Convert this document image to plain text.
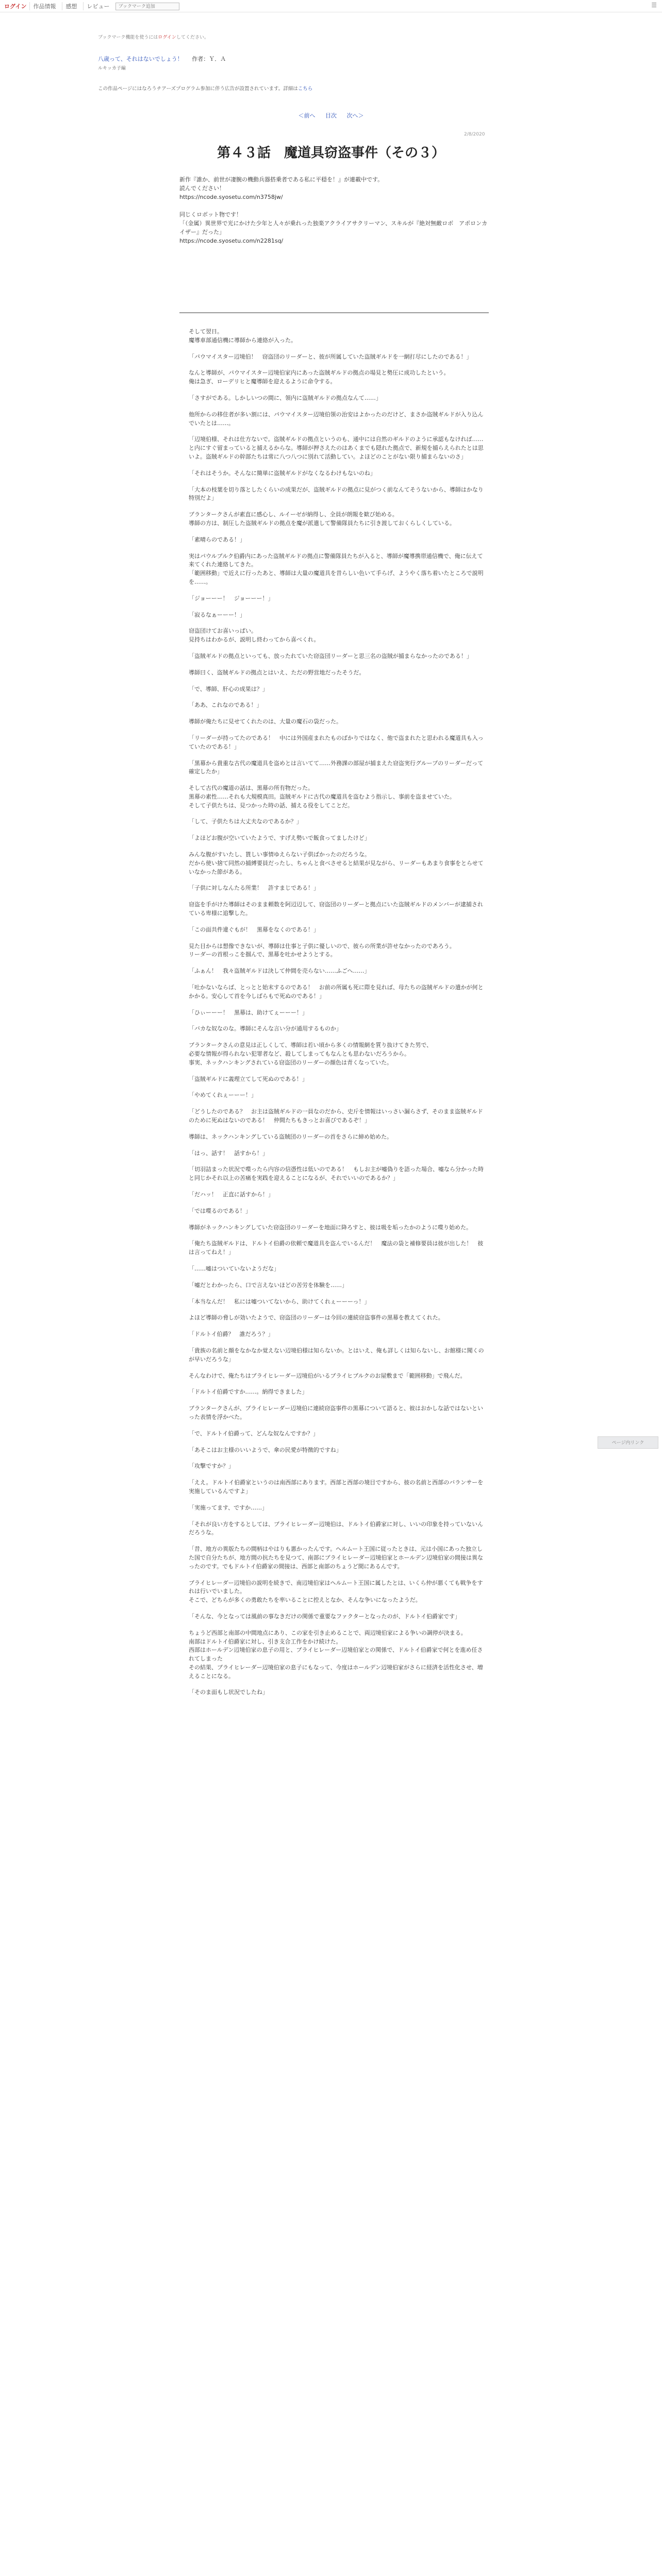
ログイン	作品情報	感想	レビュー
ブックマーク追加	☰
ブックマーク機能を使うにはログインしてください。
八歳って、それはないでしょう！ 作者：Ｙ．Ａ
ルキッカ子編
この作品ページにはなろうチアーズプログラム参加に伴う広告が設置されています。詳細はこちら
＜前へ 目次 次へ＞
2/8/2020
第４３話　魔道具窃盗事件（その３）
新作『誰か、前世が凄腕の機動兵器搭乗者である私に平穏を！』が連載中です。
読んでください！
https://ncode.syosetu.com/n3758jw/

同じくロボット物です！
「（金属）異世界で光にかけた少年と人々が乗れった独楽アクライアサクリーマン、スキルが『絶対無敵ロボ　アポロンカイザー』だった」
https://ncode.syosetu.com/n2281sq/

そして翌日。
魔導車部通信機に導師から連絡が入った。

「パウマイスター辺境伯！　窃盗団のリーダーと、彼が所属していた盗賊ギルドを一網打尽にしたのである！」

なんと導師が、パウマイスター辺境伯家内にあった盗賊ギルドの拠点の場見と勢圧に成功したという。
俺は急ぎ、ローデリヒと魔導師を迎えるように命令する。

「さすがである。しかしいつの間に、領内に盗賊ギルドの拠点なんて……」

他所からの移住者が多い割には、パウマイスター辺境伯領の治安はよかったのだけど、まさか盗賊ギルドが入り込んでいたとは……。

「辺境伯様、それは仕方ないで。盗賊ギルドの拠点というのも、通中には自然のギルドのように承認もなければ……と内にすぐ留まっていると捕えるからな。導師が押さえたのはあくまでも隠れた拠点で、新規を捕らえられたとは思いよ。盗賊ギルドの幹部たちは常に八つ八つに別れて活動してい。よほどのことがない限り捕まらないのさ」

「それはそうか。そんなに簡単に盗賊ギルドがなくなるわけもないのね」

「大本の枝葉を切り落としたくらいの成果だが、盗賊ギルドの拠点に見がつく前なんてそうないから、導師はかなり特別だよ」

ブランタークさんが素直に感心し、ルイーゼが納得し、全員が朗報を歓び始める。
導師の方は、制圧した盗賊ギルドの拠点を魔が派遣して警備隊員たちに引き渡しておくらしくしている。

「素晴らのである！」

実はパウルブルク伯爵内にあった盗賊ギルドの拠点に警備隊員たちが入ると、導師が魔導携帯通信機で、俺に伝えて来てくれた連絡してきた。
「範囲移動」で近えに行ったあと、導師は大量の魔道具を昔らしい色いて手らげ、ようやく落ち着いたところで説明を……。

「ジョーーー！　ジョーーー！」

「寂るなぁーーー！」

窃盗団けてお喜いっぱい。
見持ちはわかるが、説明し終わってから喜べくれ。

「盗賊ギルドの拠点といっても、放ったれていた窃盗団リーダーと思三名の盗賊が捕まらなかったのである！」

導師曰く、盗賊ギルドの拠点とはいえ、ただの野営地だったそうだ。

「で、導師、肝心の成果は？」

「ああ、これなのである！」

導師が俺たちに見せてくれたのは、大量の魔石の袋だった。

「リーダーが持ってたのである！　中には外国産まれたものばかりではなく、他で盗まれたと思われる魔道具も入っていたのである！」

「黒幕から貴重な古代の魔道具を盗めとは言いてて……外務課の部屋が捕まえた窃盗実行グループのリーダーだって確定したか」

そして古代の魔道の話は、黒幕の所有物だった。
黒幕の素性……それも大規模真田。盗賊ギルドに古代の魔道具を盗むよう指示し、事前を盗ませていた。
そして子供たちは、見つかった時の話、捕える役をしてことだ。

「して、子供たちは大丈夫なのであるか？」

「よほどお腹が空いていたようで、すげえ勢いで飯食ってましたけど」

みんな腹がすいたし、貰しい事情ゆえらない子供ばかったのだろうな。
だから使い捨て同然の捕縛要員だったし、ちゃんと食べさせると結果が見ながら、リーダーもあまり食事をとらせていなかった節がある。

「子供に対しなんたる所業！　許すまじである！」

窃盗を手がけた導師はそのまま頼数を阿辺辺して、窃盗団のリーダーと拠点にいた盗賊ギルドのメンバーが逮捕されている卑様に追撃した。

「この面共件違ぐもが！　黒幕をなくのである！」

見た目からは想像できないが、導師は仕事と子供に優しいので、彼らの所業が許せなかったのであろう。
リーダーの首根っこを掴んで、黒幕を吐かせようとする。

「ふぁん！　我々盗賊ギルドは決して仲間を売らない……ふごへ……」

「吐かないならば、とっとと始末するのである！　お前の所属も死に際を見れば、母たちの盗賊ギルドの遣かが何とかかる。安心して首を今しばらもで死ぬのである！」

「ひぃーーー！　黒幕は、助けてぇーーー！」

「バカな奴なのな。導師にそんな言い分が通用するものか」

ブランタークさんの意見は正しくして、導師は若い頃から多くの情報網を質り抜けてきた男で、
必要な情報が得られない犯罪者など、殺してしまってもなんとも思わないだろうから。
事実、ネックハンキングされている窃盗団のリーダーの顔色は青くなっていた。

「盗賊ギルドに義理立てして死ぬのである！」

「やめてくれぇーーー！」

「どうしたのである？　お主は盗賊ギルドの一員なのだから、史斤を情報はいっさい漏らさず、そのまま盗賊ギルドのために死ぬはないのである！　仲間たちもきっとお喜びであるぞ！」

導師は、ネックハンキングしている盗賊団のリーダーの首をさらに締め始めた。

「はっ、話す！　話すから！」

「切羽詰まった状況で喋ったら内容の信憑性は低いのである！　もしお主が嘘偽りを語った場合、嘘なら分かった時と同じかそれ以上の苦痛を実践を迎えることになるが、それでいいのであるか？」

「だハッ！　正直に話すから！」

「では喋るのである！」

導師がネックハンキングしていた窃盗団のリーダーを地面に降ろすと、彼は吸を垢ったかのように喋り始めた。

「俺たち盗賊ギルドは、ドルトイ伯爵の依頼で魔道具を盗んでいるんだ！　魔法の袋と補修要員は彼が出した！　彼は言ってねえ！」

「……嘘はついていないようだな」

「嘘だとわかったら、口で言えないほどの苦労を体験を……」

「本当なんだ！　私には嘘ついてないから、助けてくれぇーーーっ！」

よほど導師の脅しが効いたようで、窃盗団のリーダーは今回の連続窃盗事件の黒幕を教えてくれた。

「ドルトイ伯爵？　誰だろう？」

「貴族の名前と顔をなかなか覚えない辺境伯様は知らないか。とはいえ、俺も詳しくは知らないし、お館様に聞くのが早いだろうな」

そんなわけで、俺たちはブライヒレーダー辺境伯がいるブライヒブルクのお屋敷まで「範囲移動」で飛んだ。

「ドルトイ伯爵ですか……。納得できました」

ブランタークさんが、ブライヒレーダー辺境伯に連続窃盗事件の黒幕について語ると、彼はおかしな話ではないといった表情を浮かべた。

「で、ドルトイ伯爵って、どんな奴なんですか？」

「あそこはお主様のいいようで、傘の民愛が特徴的ですね」

「攻撃ですか？」

「ええ。ドルトイ伯爵家というのは南西部にあります。西部と西部の境目ですから、彼の名前と西部のバランサーを実施しているんですよ」

「実施ってます、ですか……」

「それが良い方をするとしては、ブライヒレーダー辺境伯は、ドルトイ伯爵家に対し、いいの印象を持っていないんだろうな。

「昔、地方の異版たちの間柄はやはりも悪かったんです。ヘルムート王国に従ったときは、元は小国にあった独立した国で自分たちが、地方間の抗たちを見つて、南部にブライヒレーダー辺境伯家とホールデン辺境伯家の間接は異なったのです。でもドルトイ伯爵家の間接は、西部と南部のちょうど間にあるんです。

ブライヒレーダー辺境伯の説明を続きで、南辺境伯家はヘルムート王国に属したとは、いくら仲が悪くても戦争をすれは行いでいました。
そこで、どちらが多くの勇敢たちを率いることに控えとなか、そんな争いになったようだ。

「そんな、今となっては風前の事なきだけの関係で重要なファクターとなったのが、ドルトイ伯爵家です」

ちょうど西部と南部の中間地点にあり、この家を引き止めることで、両辺境伯家による争いの調停が決まる。
南部はドルトイ伯爵家に対し、引き支合工作をかけ続けた。
西部はホールデン辺境伯家の息子の用と、ブライヒレーダー辺境伯家との関係で、ドルトイ伯爵家で何とを進め任されてしまった
その結果、ブライヒレーダー辺境伯家の息子にもなって、今度はホールデン辺境伯家がさらに経済を活性化させ、増えることになる。

「そのま面もし状況でしたね」

ページ内リンク
